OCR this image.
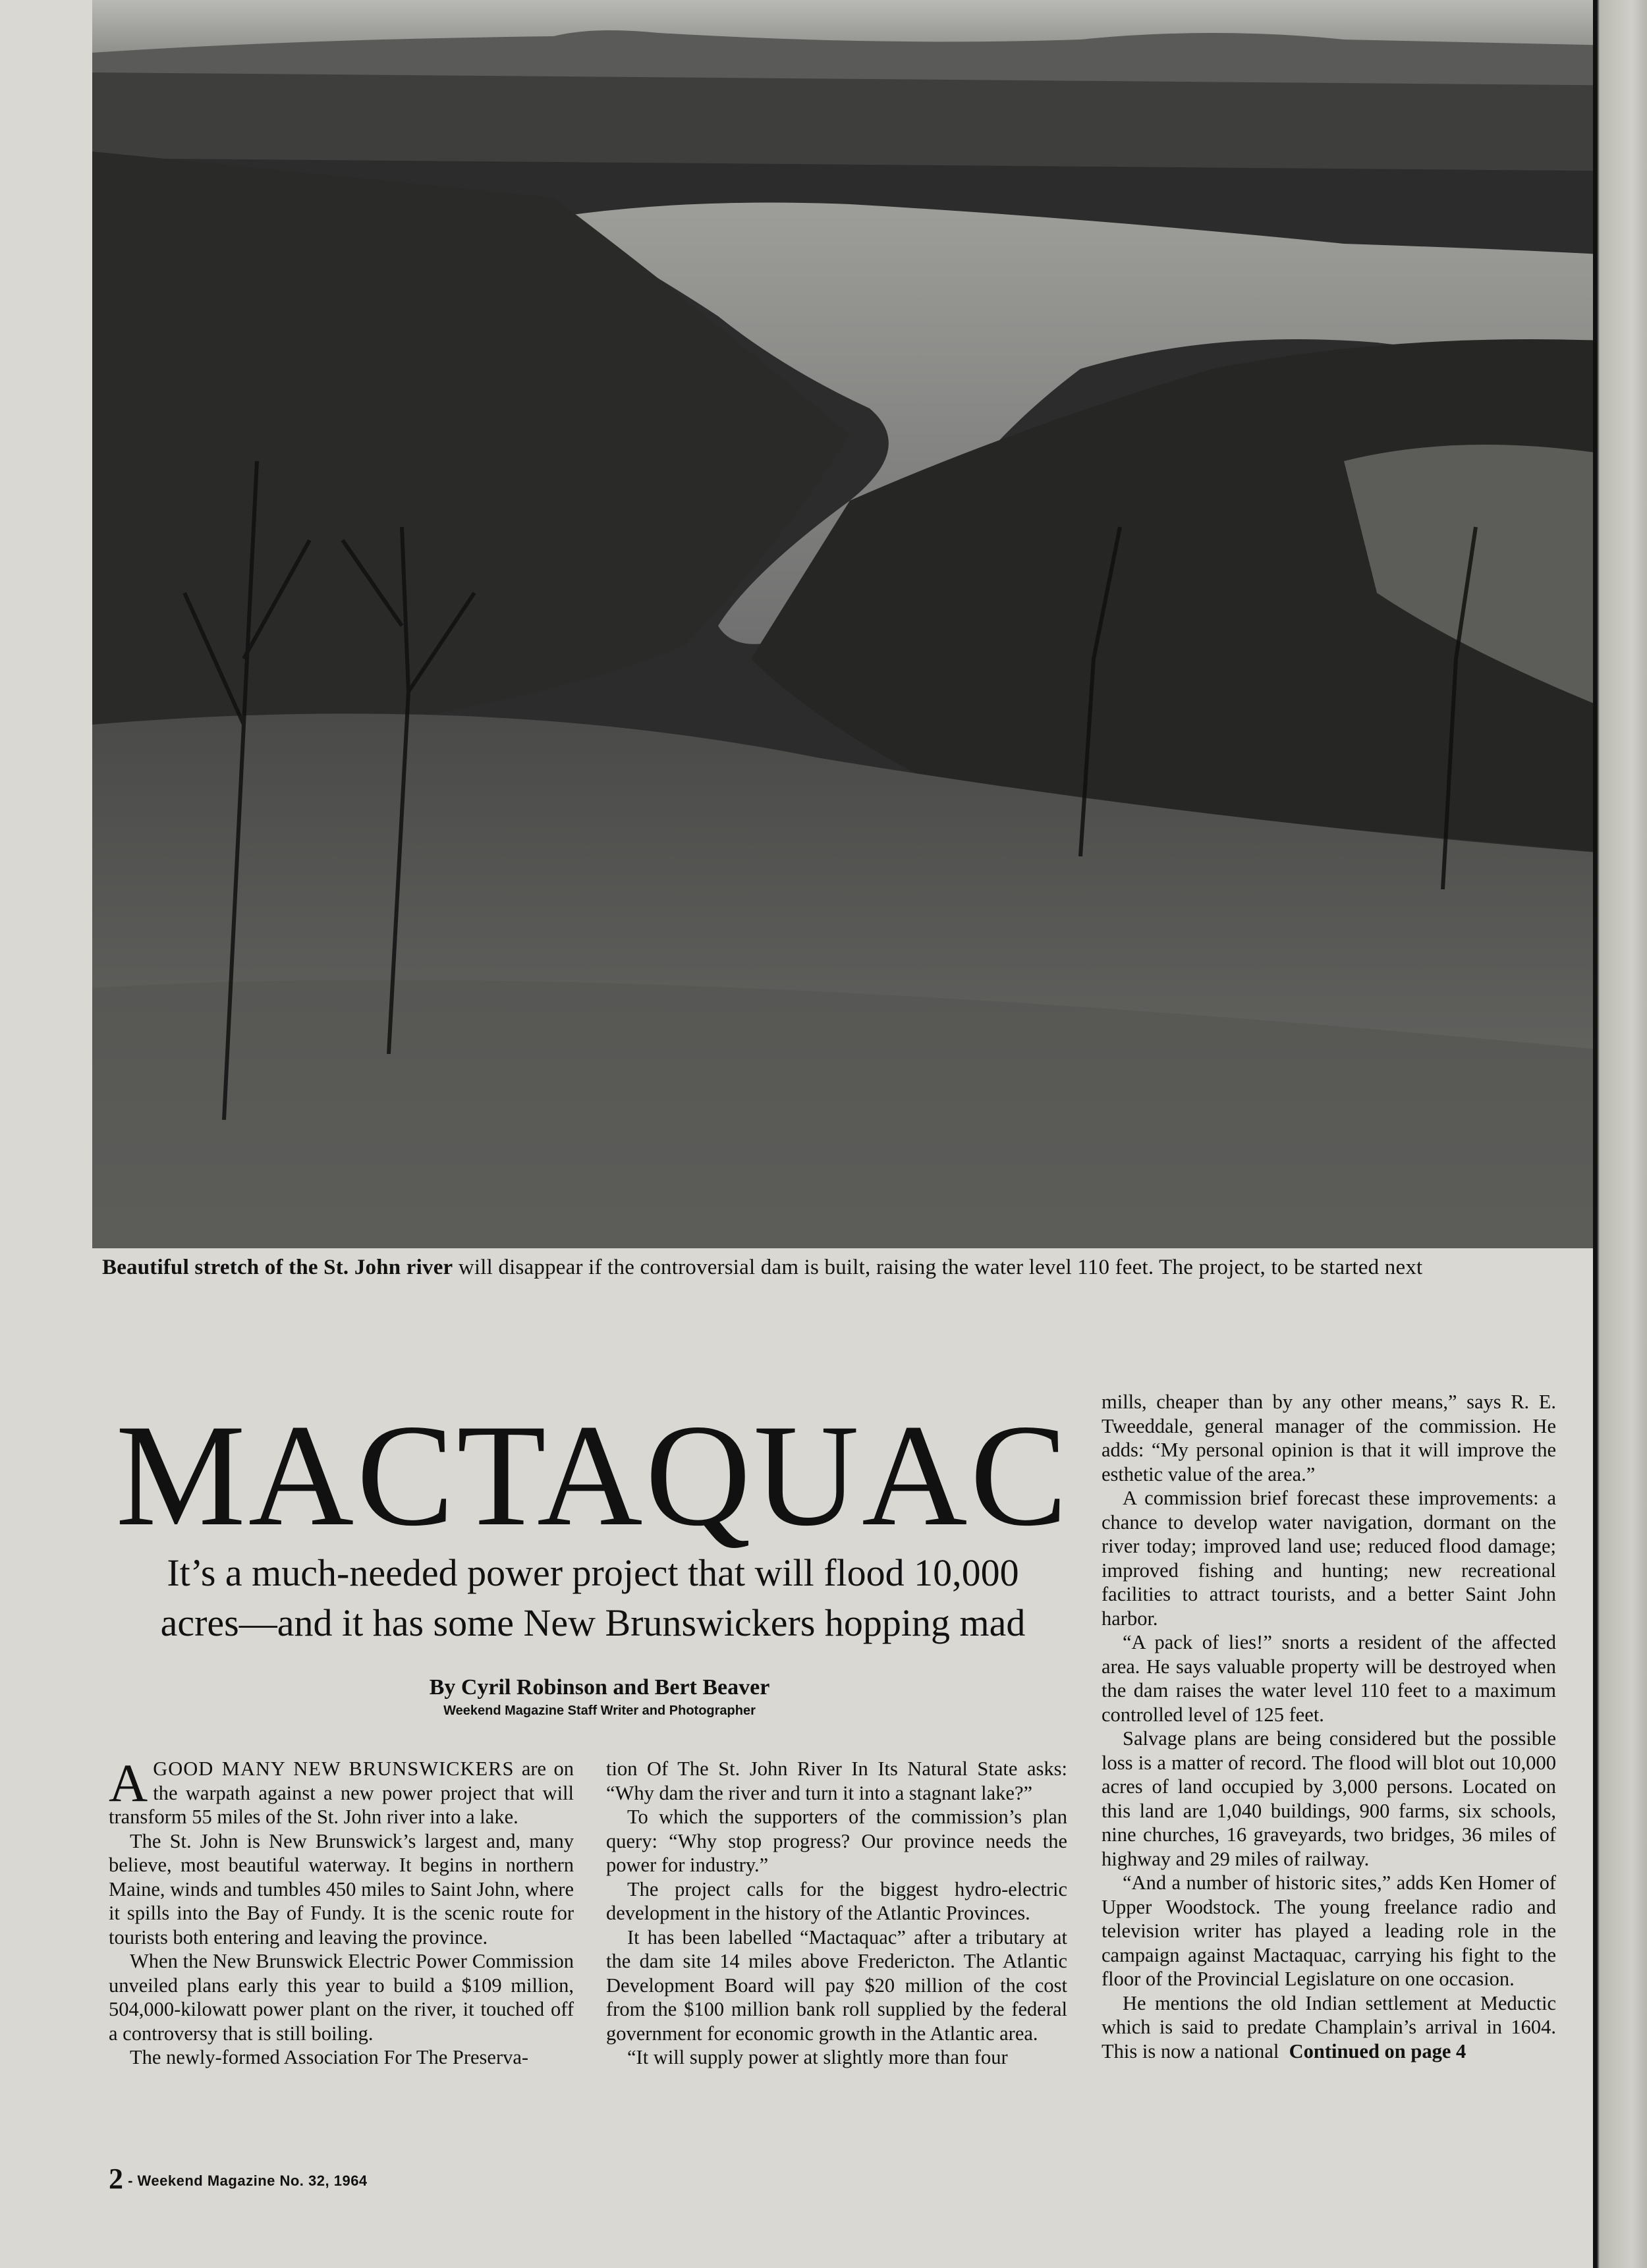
Beautiful stretch of the St. John river will disappear if the controversial dam is built, raising the water level 110 feet. The project, to be started next
MACTAQUAC
It’s a much-needed power project that will flood 10,000
acres—and it has some New Brunswickers hopping mad
By Cyril Robinson and Bert Beaver
Weekend Magazine Staff Writer and Photographer

A GOOD MANY NEW BRUNSWICKERS are on the warpath against a new power project that will transform 55 miles of the St. John river into a lake.

The St. John is New Brunswick’s largest and, many believe, most beautiful waterway. It begins in northern Maine, winds and tumbles 450 miles to Saint John, where it spills into the Bay of Fundy. It is the scenic route for tourists both entering and leaving the province.

When the New Brunswick Electric Power Commission unveiled plans early this year to build a $109 million, 504,000-kilowatt power plant on the river, it touched off a controversy that is still boiling.

The newly-formed Association For The Preserva-

tion Of The St. John River In Its Natural State asks: “Why dam the river and turn it into a stagnant lake?”

To which the supporters of the commission’s plan query: “Why stop progress? Our province needs the power for industry.”

The project calls for the biggest hydro-electric development in the history of the Atlantic Provinces.

It has been labelled “Mactaquac” after a tributary at the dam site 14 miles above Fredericton. The Atlantic Development Board will pay $20 million of the cost from the $100 million bank roll supplied by the federal government for economic growth in the Atlantic area.

“It will supply power at slightly more than four

mills, cheaper than by any other means,” says R. E. Tweeddale, general manager of the commission. He adds: “My personal opinion is that it will improve the esthetic value of the area.”

A commission brief forecast these improvements: a chance to develop water navigation, dormant on the river today; improved land use; reduced flood damage; improved fishing and hunting; new recreational facilities to attract tourists, and a better Saint John harbor.

“A pack of lies!” snorts a resident of the affected area. He says valuable property will be destroyed when the dam raises the water level 110 feet to a maximum controlled level of 125 feet.

Salvage plans are being considered but the possible loss is a matter of record. The flood will blot out 10,000 acres of land occupied by 3,000 persons. Located on this land are 1,040 buildings, 900 farms, six schools, nine churches, 16 graveyards, two bridges, 36 miles of highway and 29 miles of railway.

“And a number of historic sites,” adds Ken Homer of Upper Woodstock. The young freelance radio and television writer has played a leading role in the campaign against Mactaquac, carrying his fight to the floor of the Provincial Legislature on one occasion.

He mentions the old Indian settlement at Meductic which is said to predate Champlain’s arrival in 1604. This is now a national Continued on page 4

2 - Weekend Magazine No. 32, 1964
